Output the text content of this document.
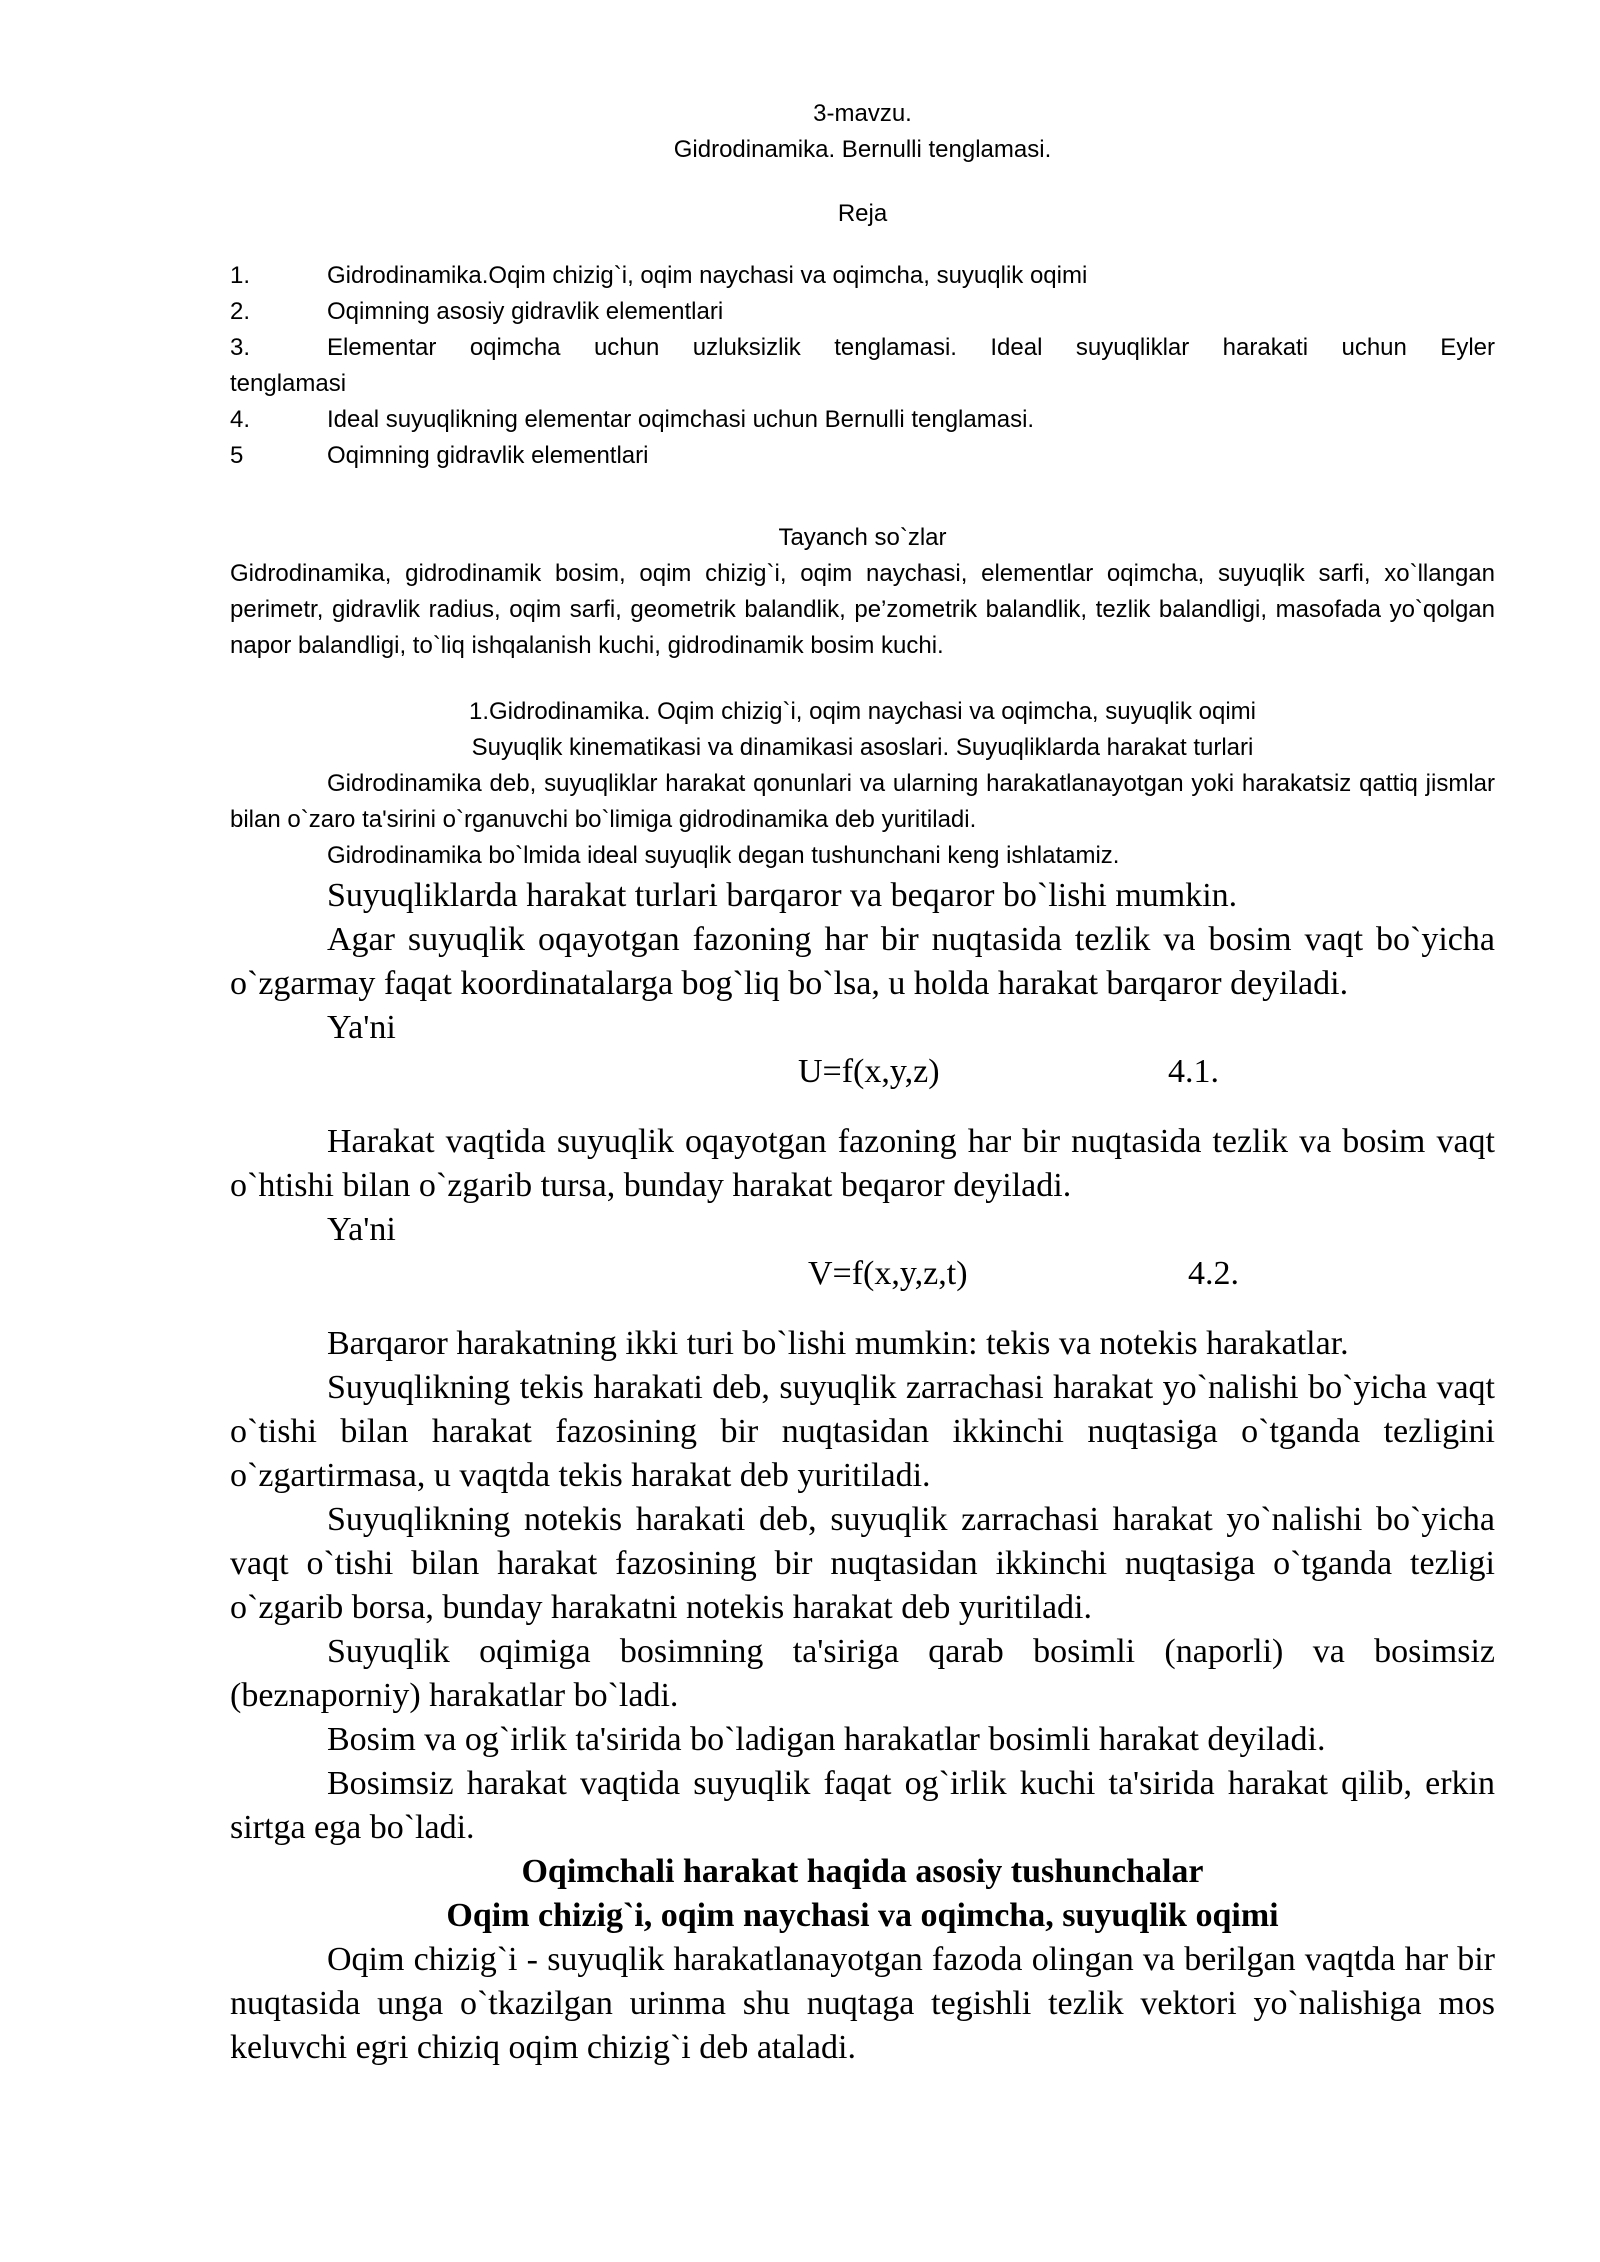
3-mavzu.
Gidrodinamika. Bernulli tenglamasi.
Reja
1.	Gidrodinamika.Oqim chizig`i, oqim naychasi va oqimcha, suyuqlik oqimi
2.	Oqimning asosiy gidravlik elementlari
3.	Elementar oqimcha uchun uzluksizlik tenglamasi. Ideal suyuqliklar harakati uchun Eyler
tenglamasi
4.	Ideal suyuqlikning elementar oqimchasi uchun Bernulli tenglamasi.
5	Oqimning gidravlik elementlari
Tayanch so`zlar

Gidrodinamika, gidrodinamik bosim, oqim chizig`i, oqim naychasi, elementlar oqimcha, suyuqlik sarfi, xo`llangan perimetr, gidravlik radius, oqim sarfi, geometrik balandlik, pe’zometrik balandlik, tezlik balandligi, masofada yo`qolgan napor balandligi, to`liq ishqalanish kuchi, gidrodinamik bosim kuchi.

1.Gidrodinamika. Oqim chizig`i, oqim naychasi va oqimcha, suyuqlik oqimi
Suyuqlik kinematikasi va dinamikasi asoslari. Suyuqliklarda harakat turlari

Gidrodinamika deb, suyuqliklar harakat qonunlari va ularning harakatlanayotgan yoki harakatsiz qattiq jismlar bilan o`zaro ta'sirini o`rganuvchi bo`limiga gidrodinamika deb yuritiladi.

Gidrodinamika bo`lmida ideal suyuqlik degan tushunchani keng ishlatamiz.

Suyuqliklarda harakat turlari barqaror va beqaror bo`lishi mumkin.

Agar suyuqlik oqayotgan fazoning har bir nuqtasida tezlik va bosim vaqt bo`yicha o`zgarmay faqat koordinatalarga bog`liq bo`lsa, u holda harakat barqaror deyiladi.

Ya'ni

U=f(x,y,z)	4.1.

Harakat vaqtida suyuqlik oqayotgan fazoning har bir nuqtasida tezlik va bosim vaqt o`htishi bilan o`zgarib tursa, bunday harakat beqaror deyiladi.

Ya'ni

V=f(x,y,z,t)	4.2.

Barqaror harakatning ikki turi bo`lishi mumkin: tekis va notekis harakatlar.

Suyuqlikning tekis harakati deb, suyuqlik zarrachasi harakat yo`nalishi bo`yicha vaqt o`tishi bilan harakat fazosining bir nuqtasidan ikkinchi nuqtasiga o`tganda tezligini o`zgartirmasa, u vaqtda tekis harakat deb yuritiladi.

Suyuqlikning notekis harakati deb, suyuqlik zarrachasi harakat yo`nalishi bo`yicha vaqt o`tishi bilan harakat fazosining bir nuqtasidan ikkinchi nuqtasiga o`tganda tezligi o`zgarib borsa, bunday harakatni notekis harakat deb yuritiladi.

Suyuqlik oqimiga bosimning ta'siriga qarab bosimli (naporli) va bosimsiz (beznaporniy) harakatlar bo`ladi.

Bosim va og`irlik ta'sirida bo`ladigan harakatlar bosimli harakat deyiladi.

Bosimsiz harakat vaqtida suyuqlik faqat og`irlik kuchi ta'sirida harakat qilib, erkin sirtga ega bo`ladi.

Oqimchali harakat haqida asosiy tushunchalar
Oqim chizig`i, oqim naychasi va oqimcha, suyuqlik oqimi

Oqim chizig`i - suyuqlik harakatlanayotgan fazoda olingan va berilgan vaqtda har bir nuqtasida unga o`tkazilgan urinma shu nuqtaga tegishli tezlik vektori yo`nalishiga mos keluvchi egri chiziq oqim chizig`i deb ataladi.
